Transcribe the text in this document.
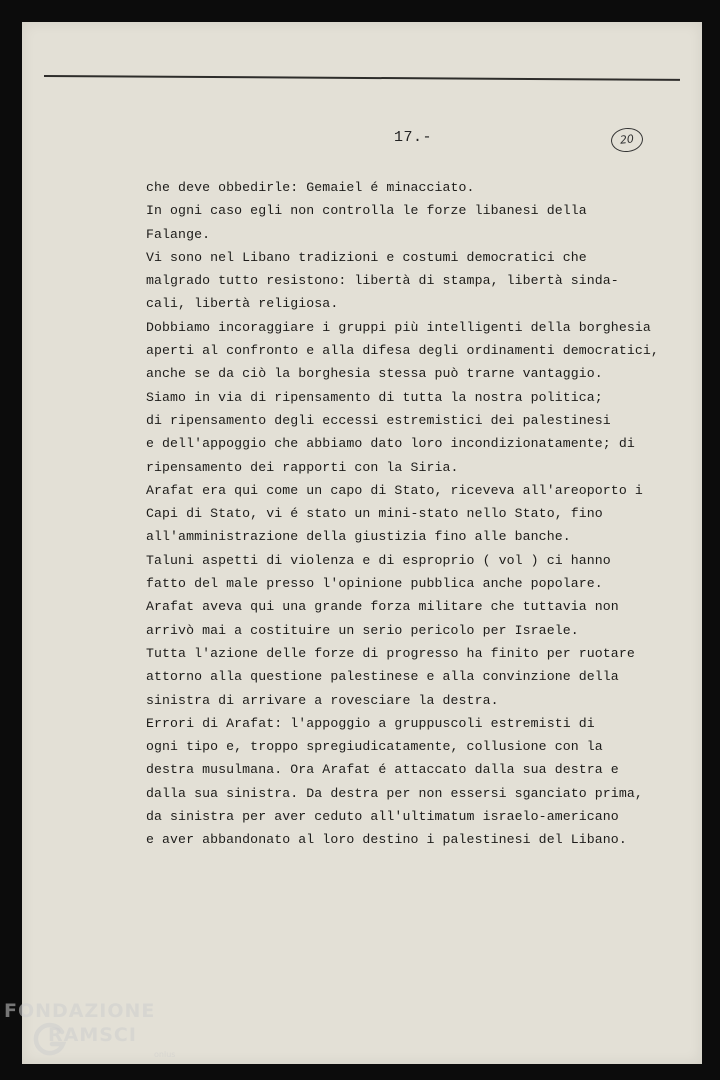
17.-	20
che deve obbedirle: Gemaiel é minacciato.
In ogni caso egli non controlla le forze libanesi della
Falange.
Vi sono nel Libano tradizioni e costumi democratici che
malgrado tutto resistono: libertà di stampa, libertà sinda-
cali, libertà religiosa.
Dobbiamo incoraggiare i gruppi più intelligenti della borghesia
aperti al confronto e alla difesa degli ordinamenti democratici,
anche se da ciò la borghesia stessa può trarne vantaggio.
Siamo in via di ripensamento di tutta la nostra politica;
di ripensamento degli eccessi estremistici dei palestinesi
e dell'appoggio che abbiamo dato loro incondizionatamente; di
ripensamento dei rapporti con la Siria.
Arafat era qui come un capo di Stato, riceveva all'areoporto i
Capi di Stato, vi é stato un mini-stato nello Stato, fino
all'amministrazione della giustizia fino alle banche.
Taluni aspetti di violenza e di esproprio ( vol ) ci hanno
fatto del male presso l'opinione pubblica anche popolare.
Arafat aveva qui una grande forza militare che tuttavia non
arrivò mai a costituire un serio pericolo per Israele.
Tutta l'azione delle forze di progresso ha finito per ruotare
attorno alla questione palestinese e alla convinzione della
sinistra di arrivare a rovesciare la destra.
Errori di Arafat: l'appoggio a gruppuscoli estremisti di
ogni tipo e, troppo spregiudicatamente, collusione con la
destra musulmana. Ora Arafat é attaccato dalla sua destra e
dalla sua sinistra. Da destra per non essersi sganciato prima,
da sinistra per aver ceduto all'ultimatum israelo-americano
e aver abbandonato al loro destino i palestinesi del Libano.
FONDAZIONE
RAMSCI
onlus
